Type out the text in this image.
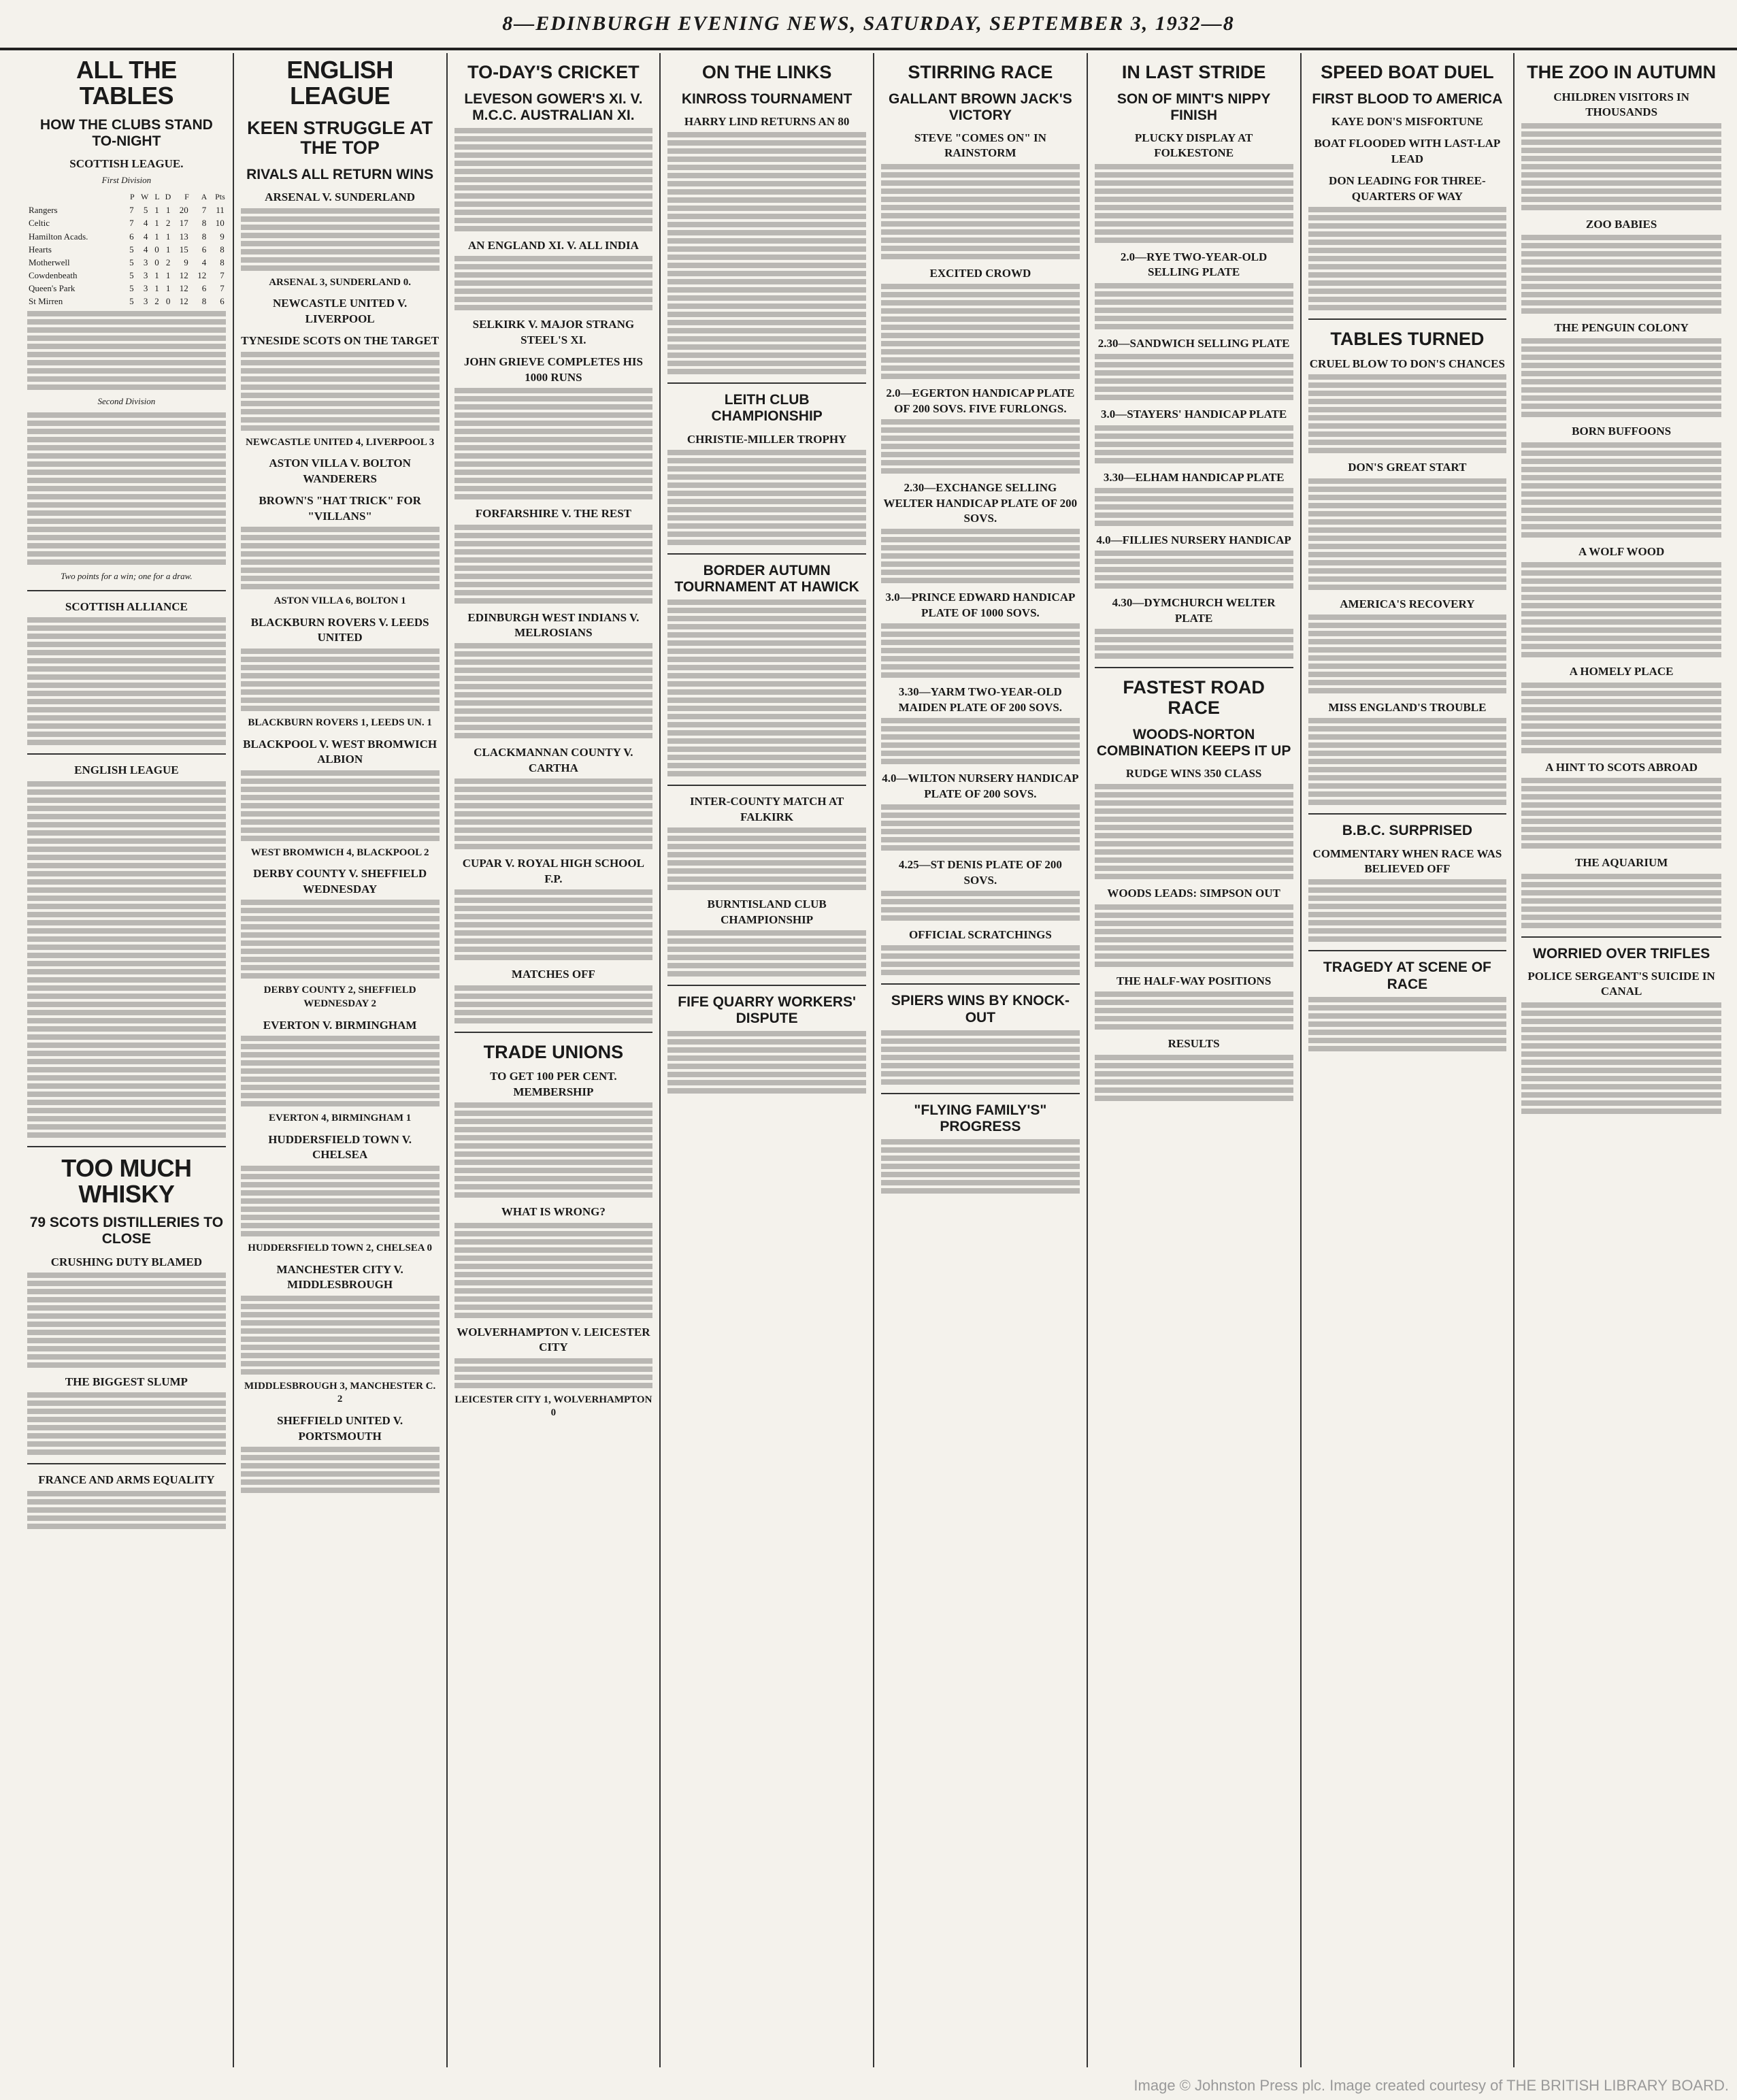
8—EDINBURGH EVENING NEWS, SATURDAY, SEPTEMBER 3, 1932—8
ALL THE TABLES
HOW THE CLUBS STAND TO-NIGHT
SCOTTISH LEAGUE.
First Division
	P	W	L	D	F	A	Pts
Rangers	7	5	1	1	20	7	11
Celtic	7	4	1	2	17	8	10
Hamilton Acads.	6	4	1	1	13	8	9
Hearts	5	4	0	1	15	6	8
Motherwell	5	3	0	2	9	4	8
Cowdenbeath	5	3	1	1	12	12	7
Queen's Park	5	3	1	1	12	6	7
St Mirren	5	3	2	0	12	8	6
Second Division
Two points for a win; one for a draw.
SCOTTISH ALLIANCE
ENGLISH LEAGUE
TOO MUCH WHISKY
79 SCOTS DISTILLERIES TO CLOSE
CRUSHING DUTY BLAMED
THE BIGGEST SLUMP
FRANCE AND ARMS EQUALITY
ENGLISH LEAGUE
KEEN STRUGGLE AT THE TOP
RIVALS ALL RETURN WINS
ARSENAL V. SUNDERLAND
ARSENAL 3, SUNDERLAND 0.
NEWCASTLE UNITED V. LIVERPOOL
TYNESIDE SCOTS ON THE TARGET
NEWCASTLE UNITED 4, LIVERPOOL 3
ASTON VILLA V. BOLTON WANDERERS
BROWN'S "HAT TRICK" FOR "VILLANS"
ASTON VILLA 6, BOLTON 1
BLACKBURN ROVERS V. LEEDS UNITED
BLACKBURN ROVERS 1, LEEDS UN. 1
BLACKPOOL V. WEST BROMWICH ALBION
WEST BROMWICH 4, BLACKPOOL 2
DERBY COUNTY V. SHEFFIELD WEDNESDAY
DERBY COUNTY 2, SHEFFIELD WEDNESDAY 2
EVERTON V. BIRMINGHAM
EVERTON 4, BIRMINGHAM 1
HUDDERSFIELD TOWN V. CHELSEA
HUDDERSFIELD TOWN 2, CHELSEA 0
MANCHESTER CITY V. MIDDLESBROUGH
MIDDLESBROUGH 3, MANCHESTER C. 2
SHEFFIELD UNITED V. PORTSMOUTH
TO-DAY'S CRICKET
LEVESON GOWER'S XI. V. M.C.C. AUSTRALIAN XI.
AN ENGLAND XI. V. ALL INDIA
SELKIRK V. MAJOR STRANG STEEL'S XI.
JOHN GRIEVE COMPLETES HIS 1000 RUNS
FORFARSHIRE V. THE REST
EDINBURGH WEST INDIANS V. MELROSIANS
CLACKMANNAN COUNTY V. CARTHA
CUPAR V. ROYAL HIGH SCHOOL F.P.
MATCHES OFF
TRADE UNIONS
TO GET 100 PER CENT. MEMBERSHIP
WHAT IS WRONG?
WOLVERHAMPTON V. LEICESTER CITY
LEICESTER CITY 1, WOLVERHAMPTON 0
ON THE LINKS
KINROSS TOURNAMENT
HARRY LIND RETURNS AN 80
LEITH CLUB CHAMPIONSHIP
CHRISTIE-MILLER TROPHY
BORDER AUTUMN TOURNAMENT AT HAWICK
INTER-COUNTY MATCH AT FALKIRK
BURNTISLAND CLUB CHAMPIONSHIP
FIFE QUARRY WORKERS' DISPUTE
STIRRING RACE
GALLANT BROWN JACK'S VICTORY
STEVE "COMES ON" IN RAINSTORM
EXCITED CROWD
2.0—EGERTON HANDICAP PLATE OF 200 SOVS. FIVE FURLONGS.
2.30—EXCHANGE SELLING WELTER HANDICAP PLATE OF 200 SOVS.
3.0—PRINCE EDWARD HANDICAP PLATE OF 1000 SOVS.
3.30—YARM TWO-YEAR-OLD MAIDEN PLATE OF 200 SOVS.
4.0—WILTON NURSERY HANDICAP PLATE OF 200 SOVS.
4.25—ST DENIS PLATE OF 200 SOVS.
OFFICIAL SCRATCHINGS
SPIERS WINS BY KNOCK-OUT
"FLYING FAMILY'S" PROGRESS
IN LAST STRIDE
SON OF MINT'S NIPPY FINISH
PLUCKY DISPLAY AT FOLKESTONE
2.0—RYE TWO-YEAR-OLD SELLING PLATE
2.30—SANDWICH SELLING PLATE
3.0—STAYERS' HANDICAP PLATE
3.30—ELHAM HANDICAP PLATE
4.0—FILLIES NURSERY HANDICAP
4.30—DYMCHURCH WELTER PLATE
FASTEST ROAD RACE
WOODS-NORTON COMBINATION KEEPS IT UP
RUDGE WINS 350 CLASS
WOODS LEADS: SIMPSON OUT
THE HALF-WAY POSITIONS
RESULTS
SPEED BOAT DUEL
FIRST BLOOD TO AMERICA
KAYE DON'S MISFORTUNE
BOAT FLOODED WITH LAST-LAP LEAD
DON LEADING FOR THREE-QUARTERS OF WAY
TABLES TURNED
CRUEL BLOW TO DON'S CHANCES
DON'S GREAT START
AMERICA'S RECOVERY
MISS ENGLAND'S TROUBLE
B.B.C. SURPRISED
COMMENTARY WHEN RACE WAS BELIEVED OFF
TRAGEDY AT SCENE OF RACE
THE ZOO IN AUTUMN
CHILDREN VISITORS IN THOUSANDS
ZOO BABIES
THE PENGUIN COLONY
BORN BUFFOONS
A WOLF WOOD
A HOMELY PLACE
A HINT TO SCOTS ABROAD
THE AQUARIUM
WORRIED OVER TRIFLES
POLICE SERGEANT'S SUICIDE IN CANAL
Image © Johnston Press plc. Image created courtesy of THE BRITISH LIBRARY BOARD.
